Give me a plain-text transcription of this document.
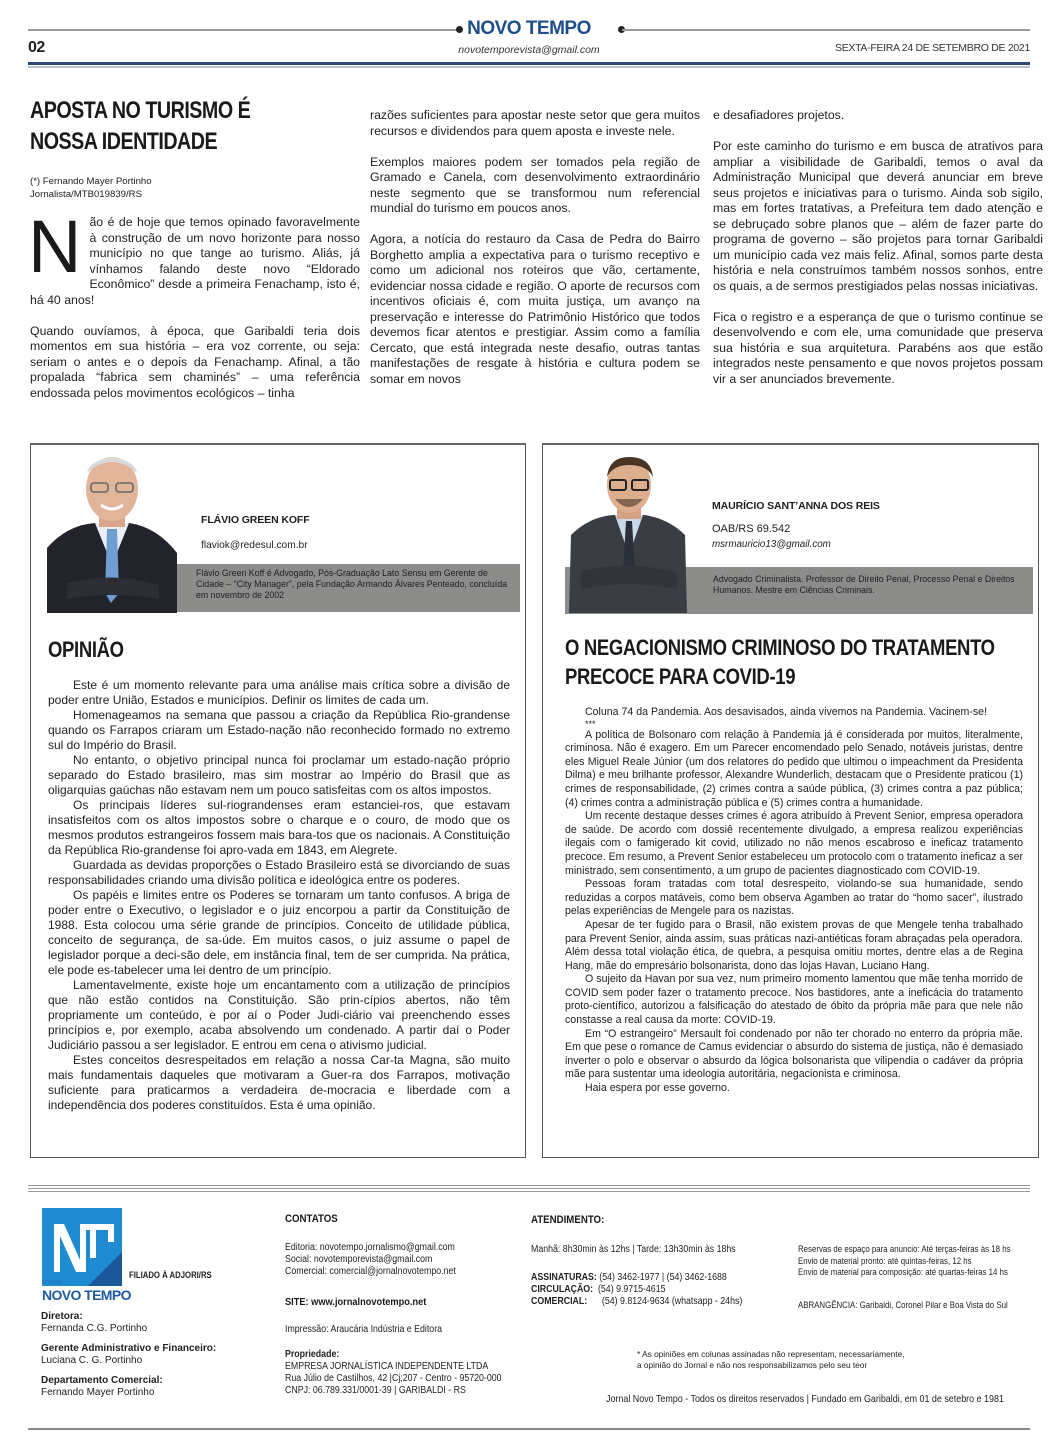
NOVO TEMPO
novotemporevista@gmail.com
02	SEXTA-FEIRA 24 DE SETEMBRO DE 2021
APOSTA NO TURISMO É NOSSA IDENTIDADE
(*) Fernando Mayer Portinho
Jornalista/MTB019839/RS

Não é de hoje que temos opinado favoravelmente à construção de um novo horizonte para nosso município no que tange ao turismo. Aliás, já vínhamos falando deste novo “Eldorado Econômico” desde a primeira Fenachamp, isto é, há 40 anos!

Quando ouvíamos, à época, que Garibaldi teria dois momentos em sua história – era voz corrente, ou seja: seriam o antes e o depois da Fenachamp. Afinal, a tão propalada “fabrica sem chaminés” – uma referência endossada pelos movimentos ecológicos – tinha

razões suficientes para apostar neste setor que gera muitos recursos e dividendos para quem aposta e investe nele.

Exemplos maiores podem ser tomados pela região de Gramado e Canela, com desenvolvimento extraordinário neste segmento que se transformou num referencial mundial do turismo em poucos anos.

Agora, a notícia do restauro da Casa de Pedra do Bairro Borghetto amplia a expectativa para o turismo receptivo e como um adicional nos roteiros que vão, certamente, evidenciar nossa cidade e região. O aporte de recursos com incentivos oficiais é, com muita justiça, um avanço na preservação e interesse do Patrimônio Histórico que todos devemos ficar atentos e prestigiar. Assim como a família Cercato, que está integrada neste desafio, outras tantas manifestações de resgate à história e cultura podem se somar em novos

e desafiadores projetos.

Por este caminho do turismo e em busca de atrativos para ampliar a visibilidade de Garibaldi, temos o aval da Administração Municipal que deverá anunciar em breve seus projetos e iniciativas para o turismo. Ainda sob sigilo, mas em fortes tratativas, a Prefeitura tem dado atenção e se debruçado sobre planos que – além de fazer parte do programa de governo – são projetos para tornar Garibaldi um município cada vez mais feliz. Afinal, somos parte desta história e nela construímos também nossos sonhos, entre os quais, a de sermos prestigiados pelas nossas iniciativas.

Fica o registro e a esperança de que o turismo continue se desenvolvendo e com ele, uma comunidade que preserva sua história e sua arquitetura. Parabéns aos que estão integrados neste pensamento e que novos projetos possam vir a ser anunciados brevemente.

Flávio Green Koff é Advogado, Pós-Graduação Lato Sensu em Gerente de Cidade – “City Manager”, pela Fundação Armando Álvares Penteado, concluída em novembro de 2002
FLÁVIO GREEN KOFF
flaviok@redesul.com.br
OPINIÃO

Este é um momento relevante para uma análise mais crítica sobre a divisão de poder entre União, Estados e municípios. Definir os limites de cada um.

Homenageamos na semana que passou a criação da República Rio-grandense quando os Farrapos criaram um Estado-nação não reconhecido formado no extremo sul do Império do Brasil.

No entanto, o objetivo principal nunca foi proclamar um estado-nação próprio separado do Estado brasileiro, mas sim mostrar ao Império do Brasil que as oligarquias gaúchas não estavam nem um pouco satisfeitas com os altos impostos.

Os principais líderes sul-riograndenses eram estanciei-ros, que estavam insatisfeitos com os altos impostos sobre o charque e o couro, de modo que os mesmos produtos estrangeiros fossem mais bara-tos que os nacionais. A Constituição da República Rio-grandense foi apro-vada em 1843, em Alegrete.

Guardada as devidas proporções o Estado Brasileiro está se divorciando de suas responsabilidades criando uma divisão política e ideológica entre os poderes.

Os papéis e limites entre os Poderes se tornaram um tanto confusos. A briga de poder entre o Executivo, o legislador e o juiz encorpou a partir da Constituição de 1988. Esta colocou uma série grande de princípios. Conceito de utilidade pública, conceito de segurança, de sa-úde. Em muitos casos, o juiz assume o papel de legislador porque a deci-são dele, em instância final, tem de ser cumprida. Na prática, ele pode es-tabelecer uma lei dentro de um princípio.

Lamentavelmente, existe hoje um encantamento com a utilização de princípios que não estão contidos na Constituição. São prin-cípios abertos, não têm propriamente um conteúdo, e por aí o Poder Judi-ciário vai preenchendo esses princípios e, por exemplo, acaba absolvendo um condenado. A partir daí o Poder Judiciário passou a ser legislador. E entrou em cena o ativismo judicial.

Estes conceitos desrespeitados em relação a nossa Car-ta Magna, são muito mais fundamentais daqueles que motivaram a Guer-ra dos Farrapos, motivação suficiente para praticarmos a verdadeira de-mocracia e liberdade com a independência dos poderes constituídos. Esta é uma opinião.

Advogado Criminalista. Professor de Direito Penal, Processo Penal e Direitos Humanos. Mestre em Ciências Criminais.
MAURÍCIO SANT’ANNA DOS REIS
OAB/RS 69.542
msrmauricio13@gmail.com
O NEGACIONISMO CRIMINOSO DO TRATAMENTO PRECOCE PARA COVID-19

Coluna 74 da Pandemia. Aos desavisados, ainda vivemos na Pandemia. Vacinem-se!

***

A política de Bolsonaro com relação à Pandemia já é considerada por muitos, literalmente, criminosa. Não é exagero. Em um Parecer encomendado pelo Senado, notáveis juristas, dentre eles Miguel Reale Júnior (um dos relatores do pedido que ultimou o impeachment da Presidenta Dilma) e meu brilhante professor, Alexandre Wunderlich, destacam que o Presidente praticou (1) crimes de responsabilidade, (2) crimes contra a saúde pública, (3) crimes contra a paz pública; (4) crimes contra a administração pública e (5) crimes contra a humanidade.

Um recente destaque desses crimes é agora atribuído à Prevent Senior, empresa operadora de saúde. De acordo com dossiê recentemente divulgado, a empresa realizou experiências ilegais com o famigerado kit covid, utilizado no não menos escabroso e ineficaz tratamento precoce. Em resumo, a Prevent Senior estabeleceu um protocolo com o tratamento ineficaz a ser ministrado, sem consentimento, a um grupo de pacientes diagnosticado com COVID-19.

Pessoas foram tratadas com total desrespeito, violando-se sua humanidade, sendo reduzidas a corpos matáveis, como bem observa Agamben ao tratar do “homo sacer”, ilustrado pelas experiências de Mengele para os nazistas.

Apesar de ter fugido para o Brasil, não existem provas de que Mengele tenha trabalhado para Prevent Senior, ainda assim, suas práticas nazi-antiéticas foram abraçadas pela operadora. Além dessa total violação ética, de quebra, a pesquisa omitiu mortes, dentre elas a de Regina Hang, mãe do empresário bolsonarista, dono das lojas Havan, Luciano Hang.

O sujeito da Havan por sua vez, num primeiro momento lamentou que mãe tenha morrido de COVID sem poder fazer o tratamento precoce. Nos bastidores, ante a ineficácia do tratamento proto-científico, autorizou a falsificação do atestado de óbito da própria mãe para que nele não constasse a real causa da morte: COVID-19.

Em “O estrangeiro” Mersault foi condenado por não ter chorado no enterro da própria mãe. Em que pese o romance de Camus evidenciar o absurdo do sistema de justiça, não é demasiado inverter o polo e observar o absurdo da lógica bolsonarista que vilipendia o cadáver da própria mãe para sustentar uma ideologia autoritária, negacionista e criminosa.

Haia espera por esse governo.

JORNAL
NOVO TEMPO
FILIADO À ADJORI/RS
Diretora:
Fernanda C.G. Portinho
Gerente Administrativo e Financeiro:
Luciana C. G. Portinho
Departamento Comercial:
Fernando Mayer Portinho
CONTATOS
Editoria: novotempo.jornalismo@gmail.com
Social: novotemporevista@gmail.com
Comercial: comercial@jornalnovotempo.net
SITE: www.jornalnovotempo.net
Impressão: Araucária Indústria e Editora
Propriedade:
EMPRESA JORNALÍSTICA INDEPENDENTE LTDA
Rua Júlio de Castilhos, 42 |Cj;207 - Centro - 95720-000
CNPJ: 06.789.331/0001-39 | GARIBALDI - RS
ATENDIMENTO:
Manhã: 8h30min às 12hs | Tarde: 13h30min às 18hs
ASSINATURAS: (54) 3462-1977 | (54) 3462-1688
CIRCULAÇÃO: (54) 9.9715-4615
COMERCIAL: (54) 9.8124-9634 (whatsapp - 24hs)
Reservas de espaço para anuncio: Até terças-feiras às 18 hs
Envio de material pronto: até quintas-feiras, 12 hs
Envio de material para composição: até quartas-feiras 14 hs
ABRANGÊNCIA: Garibaldi, Coronel Pilar e Boa Vista do Sul
* As opiniões em colunas assinadas não representam, necessariamente,
a opinião do Jornal e não nos responsabilizamos pelo seu teor
Jornal Novo Tempo - Todos os direitos reservados | Fundado em Garibaldi, em 01 de setebro e 1981
